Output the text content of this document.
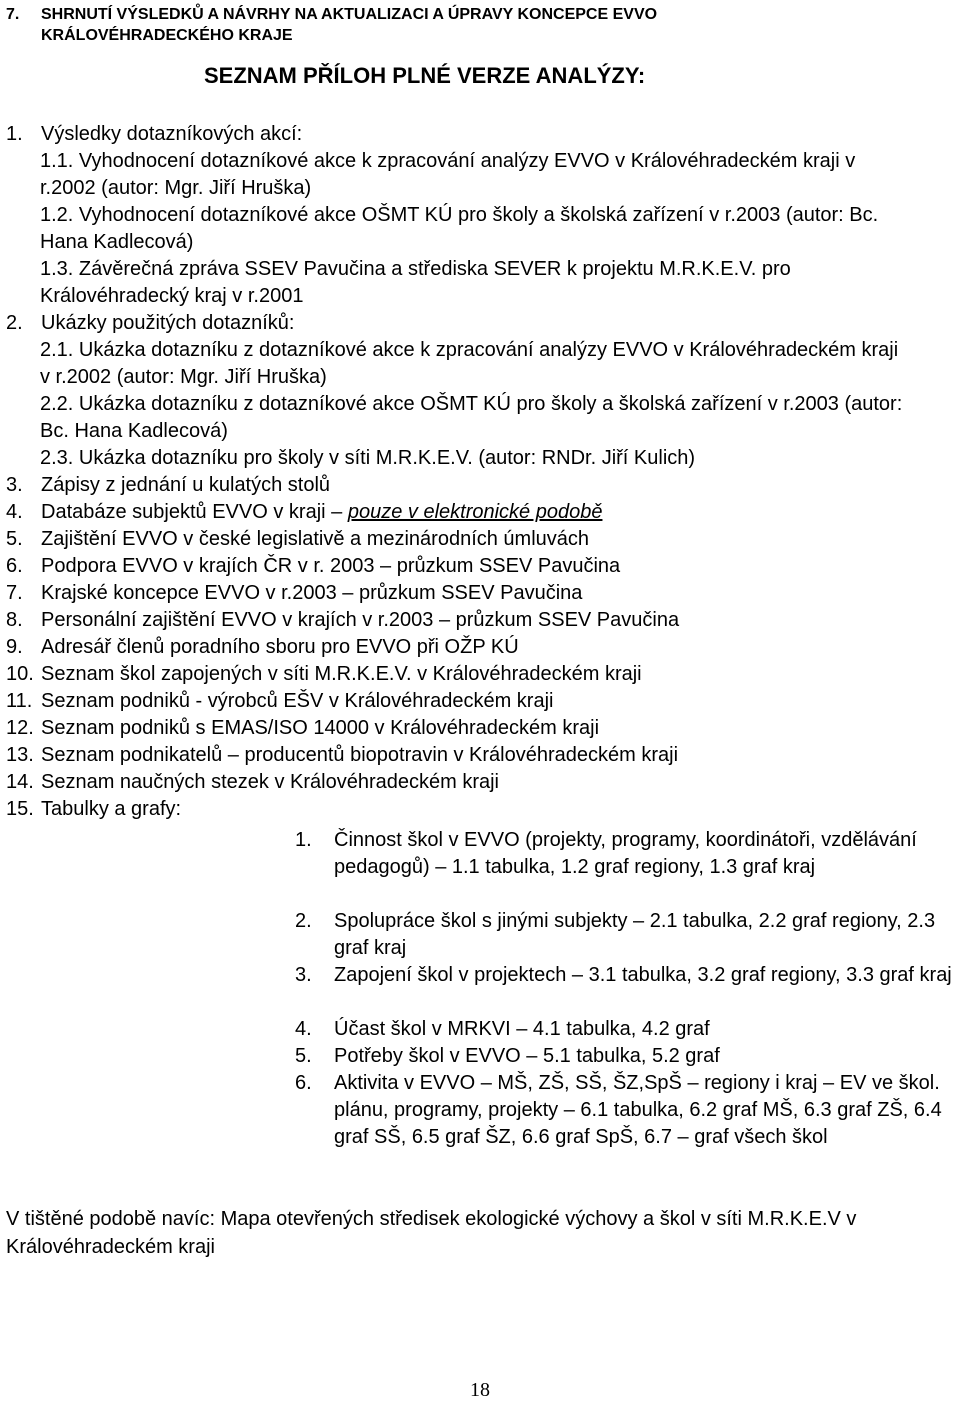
7. SHRNUTÍ VÝSLEDKŮ A NÁVRHY NA AKTUALIZACI A ÚPRAVY KONCEPCE EVVO
KRÁLOVÉHRADECKÉHO KRAJE
SEZNAM PŘÍLOH PLNÉ VERZE ANALÝZY:
1. Výsledky dotazníkových akcí:
1.1. Vyhodnocení dotazníkové akce k zpracování analýzy EVVO v Královéhradeckém kraji v r.2002 (autor: Mgr. Jiří Hruška)
1.2. Vyhodnocení dotazníkové akce OŠMT KÚ pro školy a školská zařízení v r.2003 (autor: Bc. Hana Kadlecová)
1.3. Závěrečná zpráva SSEV Pavučina a střediska SEVER k projektu M.R.K.E.V. pro Královéhradecký kraj v r.2001
2. Ukázky použitých dotazníků:
2.1. Ukázka dotazníku z dotazníkové akce k zpracování analýzy EVVO v Královéhradeckém kraji v r.2002 (autor: Mgr. Jiří Hruška)
2.2. Ukázka dotazníku z dotazníkové akce OŠMT KÚ pro školy a školská zařízení v r.2003 (autor: Bc. Hana Kadlecová)
2.3. Ukázka dotazníku pro školy v síti M.R.K.E.V. (autor: RNDr. Jiří Kulich)
3. Zápisy z jednání u kulatých stolů
4. Databáze subjektů EVVO v kraji – pouze v elektronické podobě
5. Zajištění EVVO v české legislativě a mezinárodních úmluvách
6. Podpora EVVO v krajích ČR v r. 2003 – průzkum SSEV Pavučina
7. Krajské koncepce EVVO v r.2003 – průzkum SSEV Pavučina
8. Personální zajištění EVVO v krajích v r.2003 – průzkum SSEV Pavučina
9. Adresář členů poradního sboru pro EVVO při OŽP KÚ
10. Seznam škol zapojených v síti M.R.K.E.V. v Královéhradeckém kraji
11. Seznam podniků - výrobců EŠV v Královéhradeckém kraji
12. Seznam podniků s EMAS/ISO 14000 v Královéhradeckém kraji
13. Seznam podnikatelů – producentů biopotravin v Královéhradeckém kraji
14. Seznam naučných stezek v Královéhradeckém kraji
15. Tabulky a grafy:
1. Činnost škol v EVVO (projekty, programy, koordinátoři, vzdělávání pedagogů) – 1.1 tabulka, 1.2 graf regiony, 1.3 graf kraj
2. Spolupráce škol s jinými subjekty – 2.1 tabulka, 2.2 graf regiony, 2.3 graf kraj
3. Zapojení škol v projektech – 3.1 tabulka, 3.2 graf regiony, 3.3 graf kraj
4. Účast škol v MRKVI – 4.1 tabulka, 4.2 graf
5. Potřeby škol v EVVO – 5.1 tabulka, 5.2 graf
6. Aktivita v EVVO – MŠ, ZŠ, SŠ, ŠZ,SpŠ – regiony i kraj – EV ve škol. plánu, programy, projekty – 6.1 tabulka, 6.2 graf MŠ, 6.3 graf ZŠ, 6.4 graf SŠ, 6.5 graf ŠZ, 6.6 graf SpŠ, 6.7 – graf všech škol
V tištěné podobě navíc: Mapa otevřených středisek ekologické výchovy a škol v síti M.R.K.E.V v Královéhradeckém kraji
18
